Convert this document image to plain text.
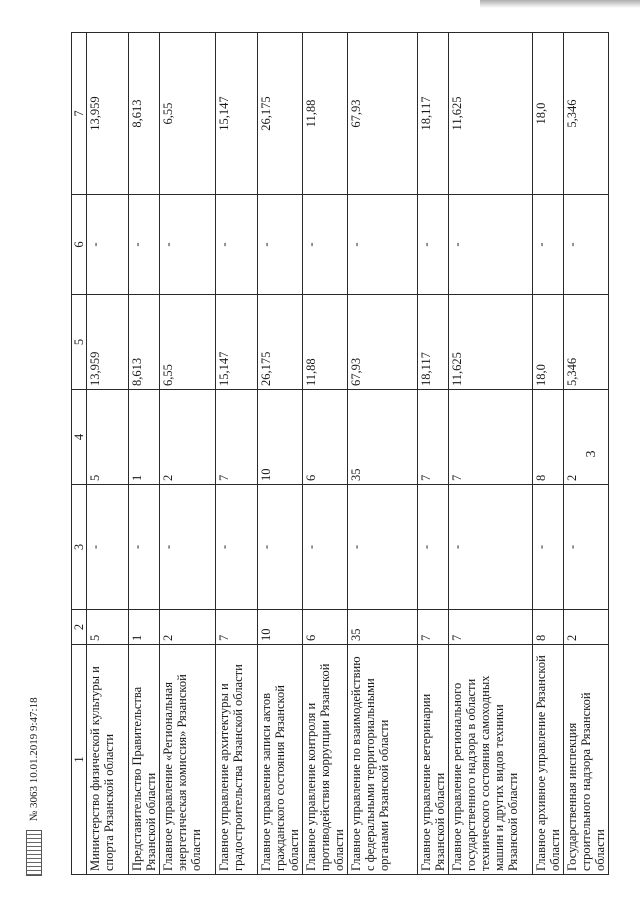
3
1	2	3	4	5	6	7
Министерство физической культуры и спорта Рязанской области	5	-	5	13,959	-	13,959
Представительство Правительства Рязанской области	1	-	1	8,613	-	8,613
Главное управление «Региональная энергетическая комиссия» Рязанской области	2	-	2	6,55	-	6,55
Главное управление архитектуры и градостроительства Рязанской области	7	-	7	15,147	-	15,147
Главное управление записи актов гражданского состояния Рязанской области	10	-	10	26,175	-	26,175
Главное управление контроля и противодействия коррупции Рязанской области	6	-	6	11,88	-	11,88
Главное управление по взаимодействию с федеральными территориальными органами Рязанской области	35	-	35	67,93	-	67,93
Главное управление ветеринарии Рязанской области	7	-	7	18,117	-	18,117
Главное управление регионального государственного надзора в области технического состояния самоходных машин и других видов техники Рязанской области	7	-	7	11,625	-	11,625
Главное архивное управление Рязанской области	8	-	8	18,0	-	18,0
Государственная инспекция строительного надзора Рязанской области	2	-	2	5,346	-	5,346
№ 3063 10.01.2019 9:47:18
